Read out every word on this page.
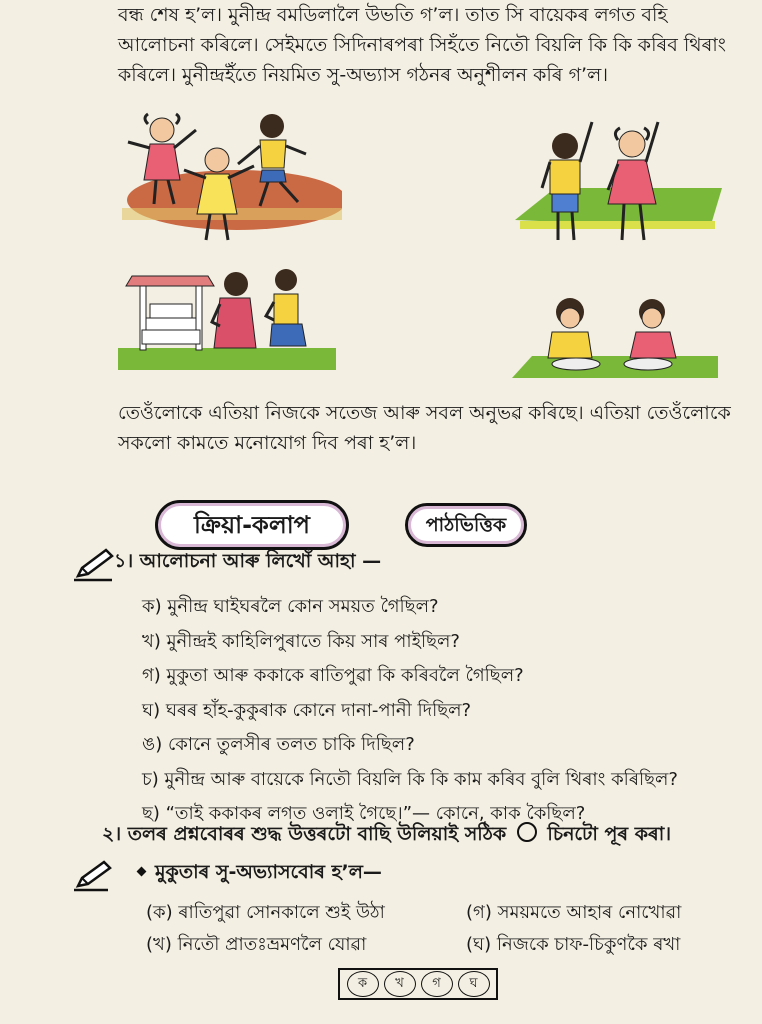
বন্ধ শেষ হ’ল। মুনীন্দ্র বমডিলালৈ উভতি গ’ল। তাত সি বায়েকৰ লগত বহি আলোচনা কৰিলে। সেইমতে সিদিনাৰপৰা সিহঁতে নিতৌ বিয়লি কি কি কৰিব থিৰাং কৰিলে। মুনীন্দ্ৰইঁতে নিয়মিত সু-অভ্যাস গঠনৰ অনুশীলন কৰি গ’ল।
তেওঁলোকে এতিয়া নিজকে সতেজ আৰু সবল অনুভৱ কৰিছে। এতিয়া তেওঁলোকে সকলো কামতে মনোযোগ দিব পৰা হ’ল।
ক্রিয়া-কলাপ	পাঠভিত্তিক
১। আলোচনা আৰু লিখোঁ আহা —
ক) মুনীন্দ্র ঘাইঘৰলৈ কোন সময়ত গৈছিল?
খ) মুনীন্দ্ৰই কাহিলিপুৰাতে কিয় সাৰ পাইছিল?
গ) মুকুতা আৰু ককাকে ৰাতিপুৱা কি কৰিবলৈ গৈছিল?
ঘ) ঘৰৰ হাঁহ-কুকুৰাক কোনে দানা-পানী দিছিল?
ঙ) কোনে তুলসীৰ তলত চাকি দিছিল?
চ) মুনীন্দ্ৰ আৰু বায়েকে নিতৌ বিয়লি কি কি কাম কৰিব বুলি থিৰাং কৰিছিল?
ছ) “তাই ককাকৰ লগত ওলাই গৈছে।”— কোনে, কাক কৈছিল?
২। তলৰ প্রশ্নবোৰৰ শুদ্ধ উত্তৰটো বাছি উলিয়াই সঠিক চিনটো পূৰ কৰা।
মুকুতাৰ সু-অভ্যাসবোৰ হ’ল—
(ক) ৰাতিপুৱা সোনকালে শুই উঠা
(খ) নিতৌ প্রাতঃভ্রমণলৈ যোৱা
(গ) সময়মতে আহাৰ নোখোৱা
(ঘ) নিজকে চাফ-চিকুণকৈ ৰখা
ক	খ	গ	ঘ
